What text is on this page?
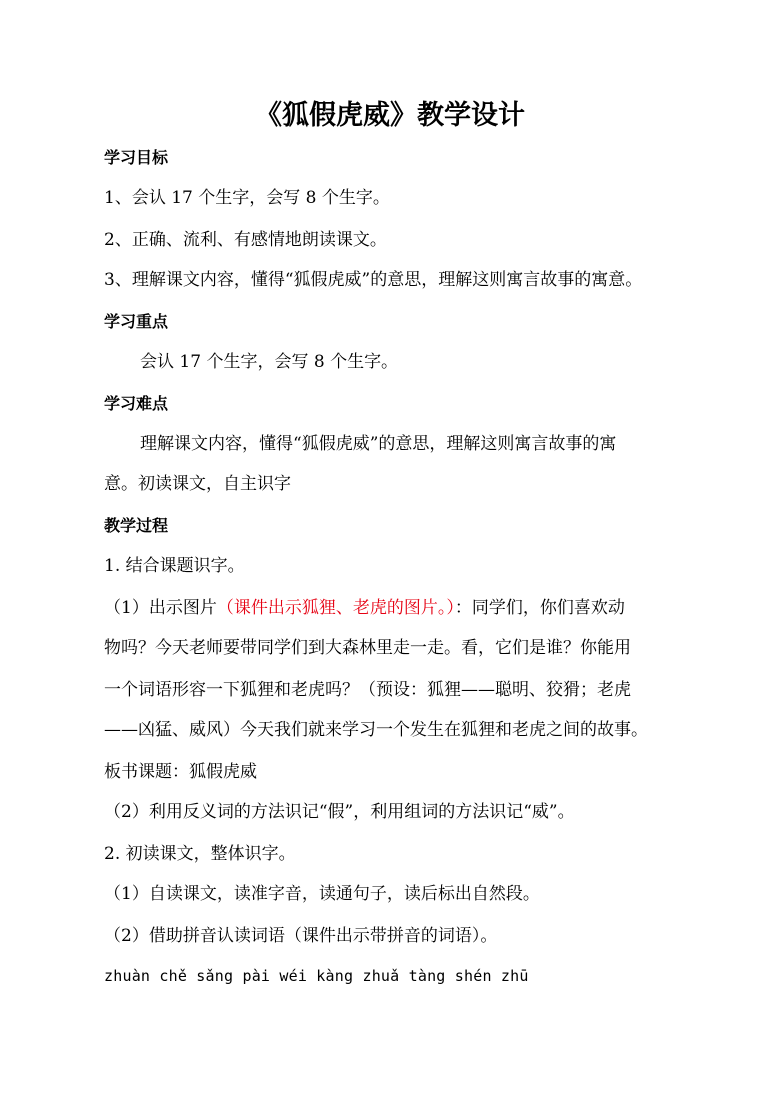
《狐假虎威》教学设计

学习目标

1、会认 17 个生字，会写 8 个生字。

2、正确、流利、有感情地朗读课文。

3、理解课文内容，懂得“狐假虎威”的意思，理解这则寓言故事的寓意。

学习重点

会认 17 个生字，会写 8 个生字。

学习难点

理解课文内容，懂得“狐假虎威”的意思，理解这则寓言故事的寓

意。初读课文，自主识字

教学过程

1. 结合课题识字。

（1）出示图片（课件出示狐狸、老虎的图片。）：同学们，你们喜欢动

物吗？今天老师要带同学们到大森林里走一走。看，它们是谁？你能用

一个词语形容一下狐狸和老虎吗？（预设：狐狸——聪明、狡猾；老虎

——凶猛、威风）今天我们就来学习一个发生在狐狸和老虎之间的故事。

板书课题：狐假虎威

（2）利用反义词的方法识记“假”，利用组词的方法识记“威”。

2. 初读课文，整体识字。

（1）自读课文，读准字音，读通句子，读后标出自然段。

（2）借助拼音认读词语（课件出示带拼音的词语）。

zhuàn chě sǎng pài wéi kàng zhuǎ tàng shén zhū
